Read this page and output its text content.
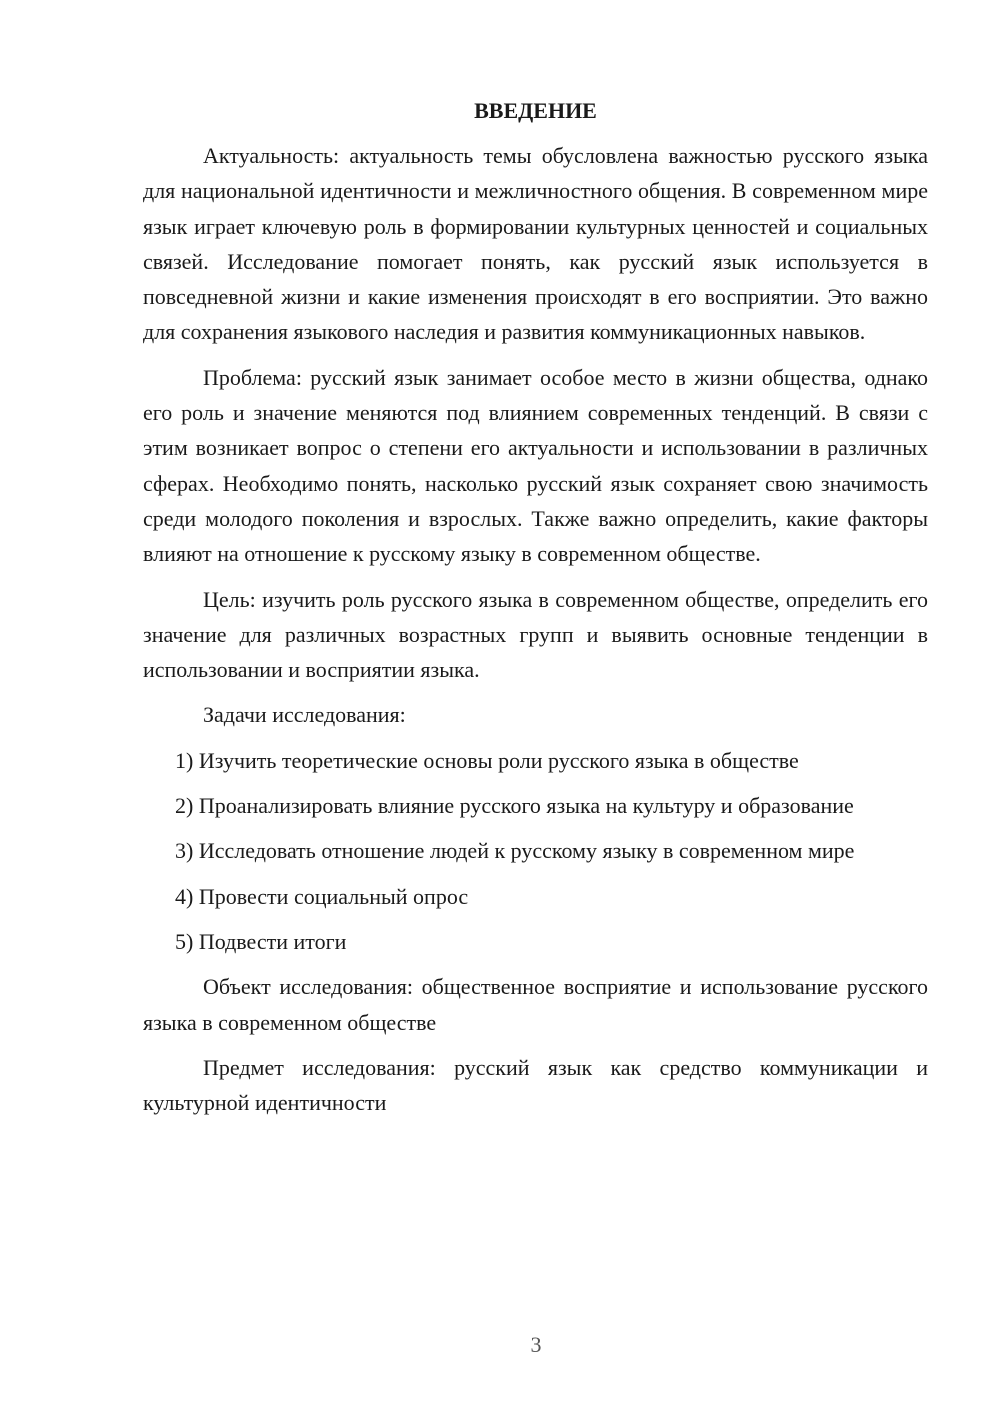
ВВЕДЕНИЕ

Актуальность: актуальность темы обусловлена важностью русского языка для национальной идентичности и межличностного общения. В современном мире язык играет ключевую роль в формировании культурных ценностей и социальных связей. Исследование помогает понять, как русский язык используется в повседневной жизни и какие изменения происходят в его восприятии. Это важно для сохранения языкового наследия и развития коммуникационных навыков.

Проблема: русский язык занимает особое место в жизни общества, однако его роль и значение меняются под влиянием современных тенденций. В связи с этим возникает вопрос о степени его актуальности и использовании в различных сферах. Необходимо понять, насколько русский язык сохраняет свою значимость среди молодого поколения и взрослых. Также важно определить, какие факторы влияют на отношение к русскому языку в современном обществе.

Цель: изучить роль русского языка в современном обществе, определить его значение для различных возрастных групп и выявить основные тенденции в использовании и восприятии языка.

Задачи исследования:

1) Изучить теоретические основы роли русского языка в обществе

2) Проанализировать влияние русского языка на культуру и образование

3) Исследовать отношение людей к русскому языку в современном мире

4) Провести социальный опрос

5) Подвести итоги

Объект исследования: общественное восприятие и использование русского языка в современном обществе

Предмет исследования: русский язык как средство коммуникации и культурной идентичности

3
